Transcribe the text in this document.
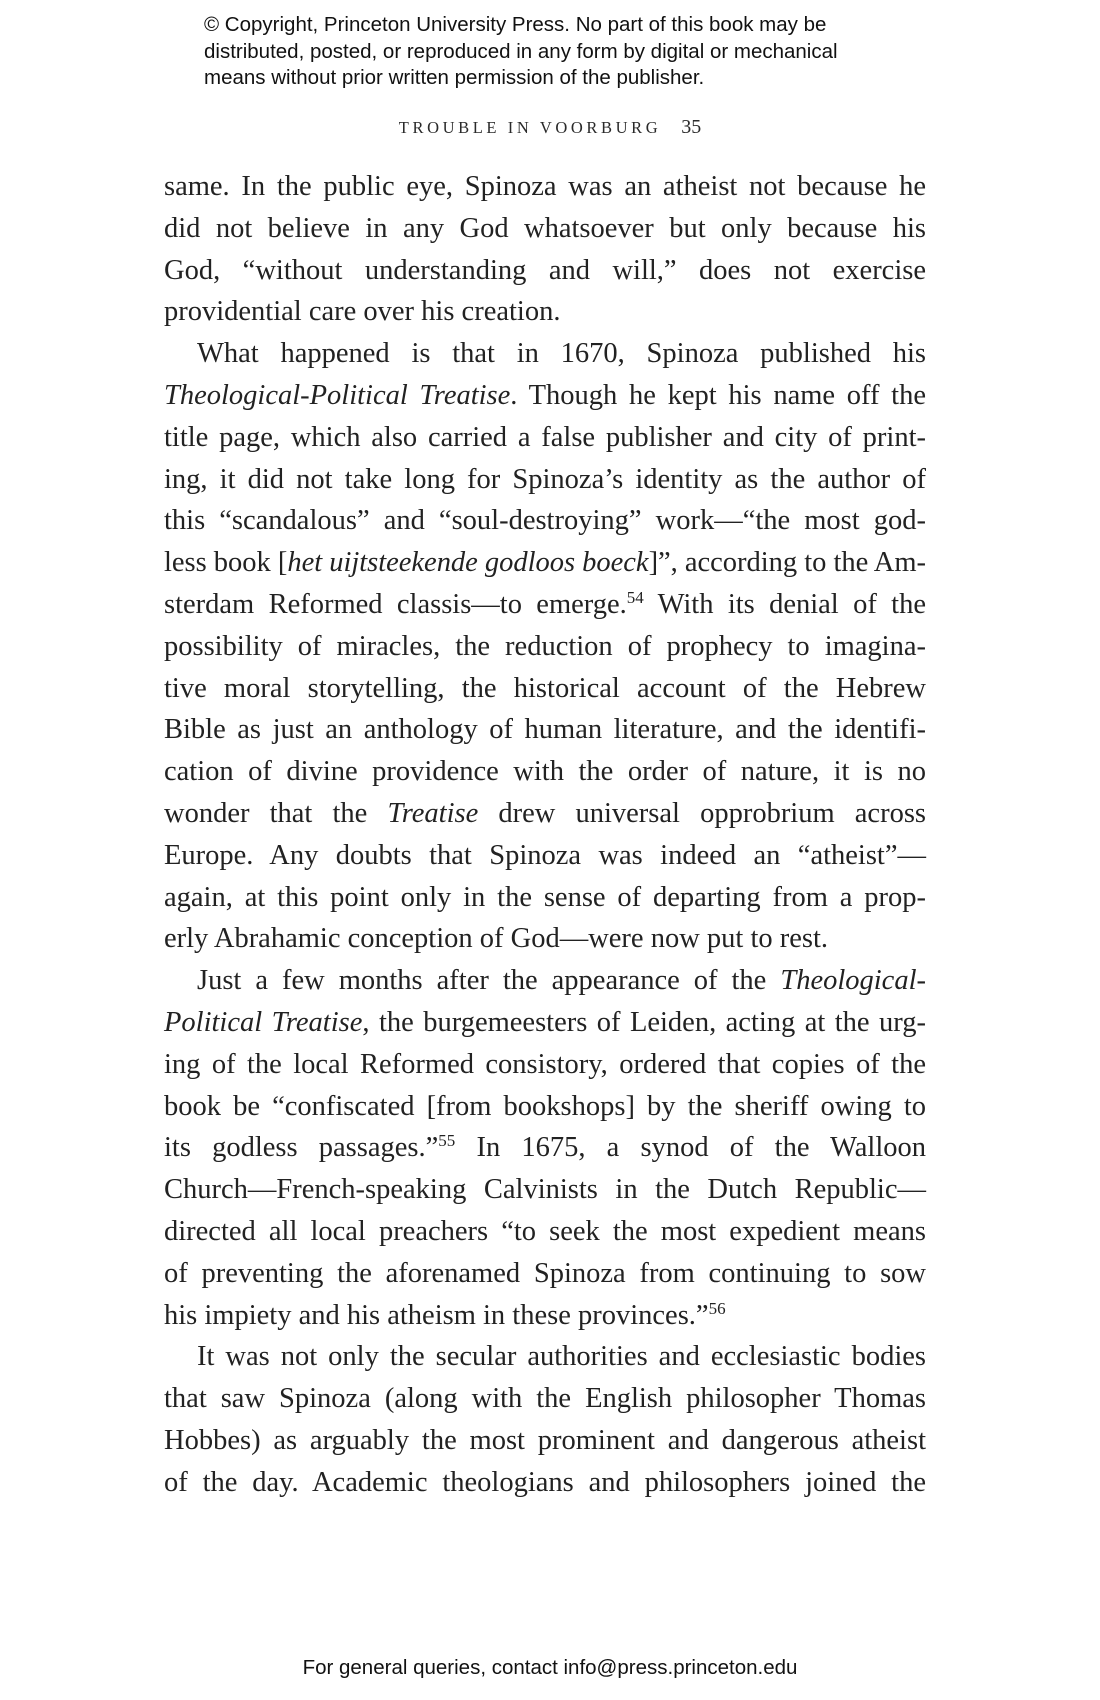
© Copyright, Princeton University Press. No part of this book may be
distributed, posted, or reproduced in any form by digital or mechanical
means without prior written permission of the publisher.
TROUBLE IN VOORBURG 35
same. In the public eye, Spinoza was an atheist not because he
did not believe in any God whatsoever but only because his
God, “without understanding and will,” does not exercise
providential care over his creation.
What happened is that in 1670, Spinoza published his
Theological-Political Treatise. Though he kept his name off the
title page, which also carried a false publisher and city of print-
ing, it did not take long for Spinoza’s identity as the author of
this “scandalous” and “soul-destroying” work—“the most god-
less book [het uijtsteekende godloos boeck]”, according to the Am-
sterdam Reformed classis—to emerge.$^{54}$ With its denial of the
possibility of miracles, the reduction of prophecy to imagina-
tive moral storytelling, the historical account of the Hebrew
Bible as just an anthology of human literature, and the identifi-
cation of divine providence with the order of nature, it is no
wonder that the Treatise drew universal opprobrium across
Europe. Any doubts that Spinoza was indeed an “atheist”—
again, at this point only in the sense of departing from a prop-
erly Abrahamic conception of God—were now put to rest.
Just a few months after the appearance of the Theological-
Political Treatise, the burgemeesters of Leiden, acting at the urg-
ing of the local Reformed consistory, ordered that copies of the
book be “confiscated [from bookshops] by the sheriff owing to
its godless passages.”$^{55}$ In 1675, a synod of the Walloon
Church—French-speaking Calvinists in the Dutch Republic—
directed all local preachers “to seek the most expedient means
of preventing the aforenamed Spinoza from continuing to sow
his impiety and his atheism in these provinces.”$^{56}$
It was not only the secular authorities and ecclesiastic bodies
that saw Spinoza (along with the English philosopher Thomas
Hobbes) as arguably the most prominent and dangerous atheist
of the day. Academic theologians and philosophers joined the
For general queries, contact info@press.princeton.edu
